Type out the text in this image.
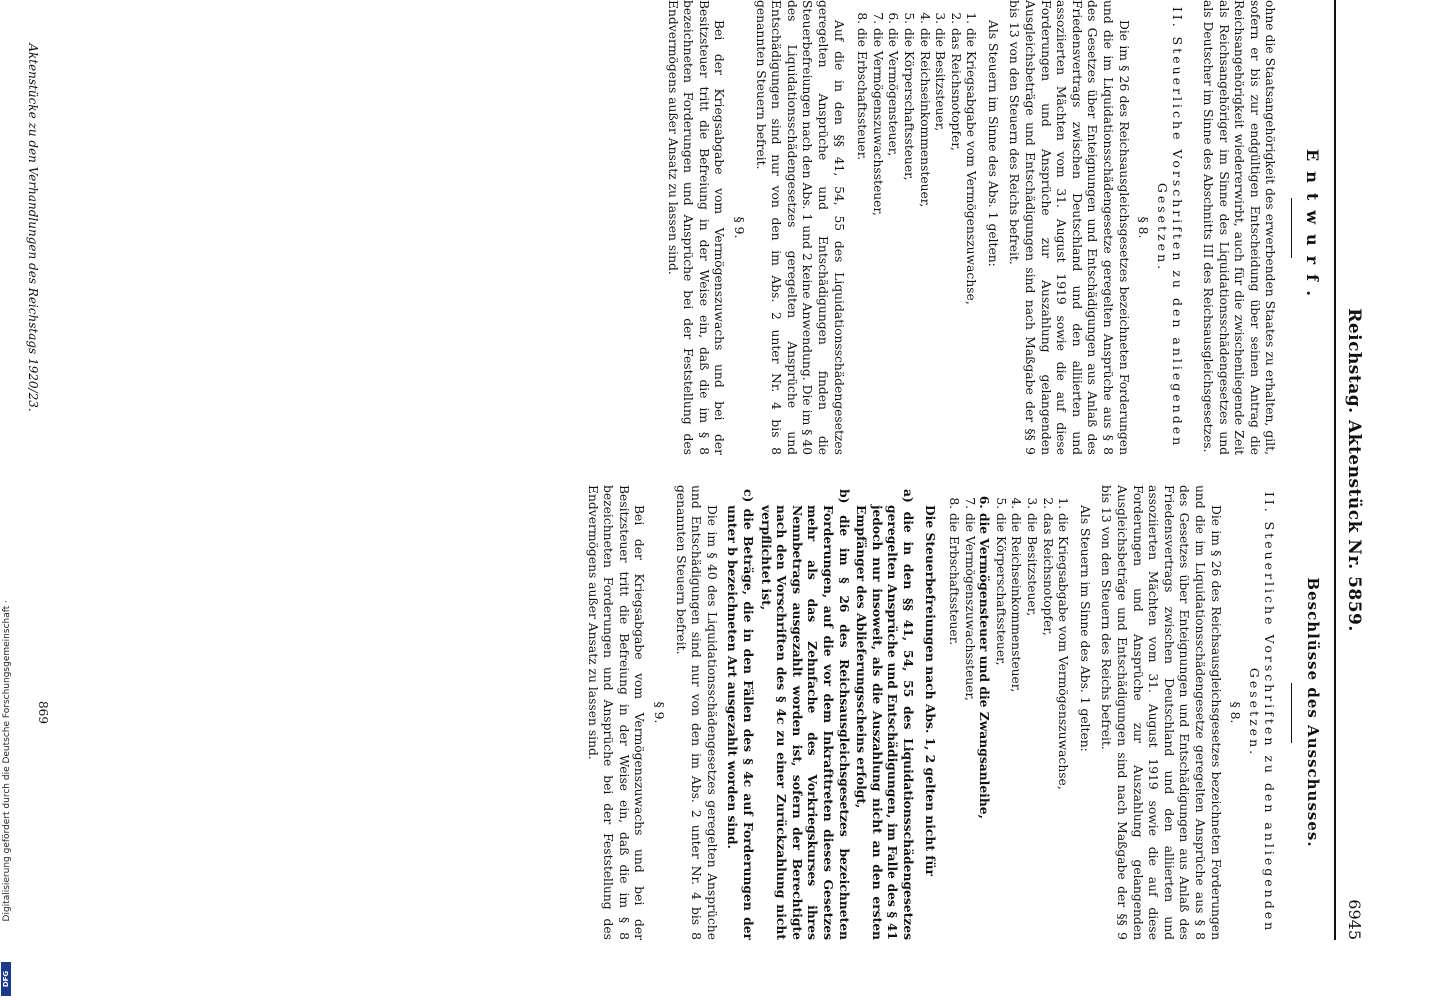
Reichstag. Aktenstück Nr. 5859.
6945
Entwurf.

ohne die Staatsangehörigkeit des erwerbenden Staates zu erhalten, gilt, sofern er bis zur endgültigen Entscheidung über seinen Antrag die Reichsangehörigkeit wiedererwirbt, auch für die zwischenliegende Zeit als Reichsangehöriger im Sinne des Liquidationsschädengesetzes und als Deutscher im Sinne des Abschnitts III des Reichsausgleichsgesetzes.

II. Steuerliche Vorschriften zu den anliegenden Gesetzen.
§ 8.

Die im § 26 des Reichsausgleichsgesetzes bezeichneten Forderungen und die im Liquidationsschädengesetze geregelten Ansprüche aus § 8 des Gesetzes über Enteignungen und Entschädigungen aus Anlaß des Friedensvertrags zwischen Deutschland und den alliierten und assoziierten Mächten vom 31. August 1919 sowie die auf diese Forderungen und Ansprüche zur Auszahlung gelangenden Ausgleichsbeträge und Entschädigungen sind nach Maßgabe der §§ 9 bis 13 von den Steuern des Reichs befreit.

Als Steuern im Sinne des Abs. 1 gelten:

1. die Kriegsabgabe vom Vermögenszuwachse,
2. das Reichsnotopfer,
3. die Besitzsteuer,
4. die Reichseinkommensteuer,
5. die Körperschaftssteuer,
6. die Vermögensteuer,
7. die Vermögenszuwachssteuer,
8. die Erbschaftssteuer.

Auf die in den §§ 41, 54, 55 des Liquidationsschädengesetzes geregelten Ansprüche und Entschädigungen finden die Steuerbefreiungen nach den Abs. 1 und 2 keine Anwendung. Die im § 40 des Liquidationsschädengesetzes geregelten Ansprüche und Entschädigungen sind nur von den im Abs. 2 unter Nr. 4 bis 8 genannten Steuern befreit.

§ 9.

Bei der Kriegsabgabe vom Vermögenszuwachs und bei der Besitzsteuer tritt die Befreiung in der Weise ein, daß die im § 8 bezeichneten Forderungen und Ansprüche bei der Feststellung des Endvermögens außer Ansatz zu lassen sind.

Aktenstücke zu den Verhandlungen des Reichstags 1920/23.
Beschlüsse des Ausschusses.
II. Steuerliche Vorschriften zu den anliegenden Gesetzen.
§ 8.

Die im § 26 des Reichsausgleichsgesetzes bezeichneten Forderungen und die im Liquidationsschädengesetze geregelten Ansprüche aus § 8 des Gesetzes über Enteignungen und Entschädigungen aus Anlaß des Friedensvertrags zwischen Deutschland und den alliierten und assoziierten Mächten vom 31. August 1919 sowie die auf diese Forderungen und Ansprüche zur Auszahlung gelangenden Ausgleichsbeträge und Entschädigungen sind nach Maßgabe der §§ 9 bis 13 von den Steuern des Reichs befreit.

Als Steuern im Sinne des Abs. 1 gelten:

1. die Kriegsabgabe vom Vermögenszuwachse,
2. das Reichsnotopfer,
3. die Besitzsteuer,
4. die Reichseinkommensteuer,
5. die Körperschaftssteuer,
6. die Vermögensteuer und die Zwangsanleihe,
7. die Vermögenszuwachssteuer,
8. die Erbschaftssteuer.

Die Steuerbefreiungen nach Abs. 1, 2 gelten nicht für

a) die in den §§ 41, 54, 55 des Liquidationsschädengesetzes geregelten Ansprüche und Entschädigungen, im Falle des § 41 jedoch nur insoweit, als die Auszahlung nicht an den ersten Empfänger des Ablieferungsscheins erfolgt,
b) die im § 26 des Reichsausgleichsgesetzes bezeichneten Forderungen, auf die vor dem Inkrafttreten dieses Gesetzes mehr als das Zehnfache des Vorkriegskurses ihres Nennbetrags ausgezahlt worden ist, sofern der Berechtigte nach den Vorschriften des § 4c zu einer Zurückzahlung nicht verpflichtet ist,
c) die Beträge, die in den Fällen des § 4c auf Forderungen der unter b bezeichneten Art ausgezahlt worden sind.

Die im § 40 des Liquidationsschädengesetzes geregelten Ansprüche und Entschädigungen sind nur von den im Abs. 2 unter Nr. 4 bis 8 genannten Steuern befreit.

§ 9.

Bei der Kriegsabgabe vom Vermögenszuwachs und bei der Besitzsteuer tritt die Befreiung in der Weise ein, daß die im § 8 bezeichneten Forderungen und Ansprüche bei der Feststellung des Endvermögens außer Ansatz zu lassen sind.

869
Digitalisierung gefördert durch die Deutsche Forschungsgemeinschaft ·
DFG
